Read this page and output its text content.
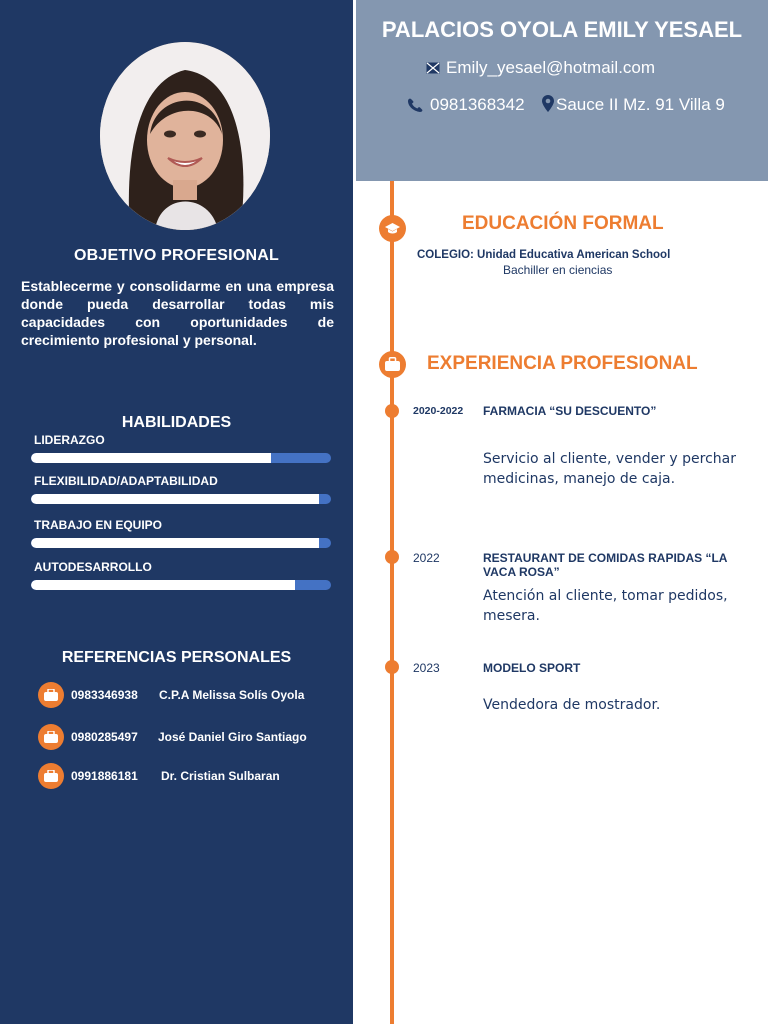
OBJETIVO PROFESIONAL
Establecerme y consolidarme en una empresa donde pueda desarrollar todas mis capacidades con oportunidades de crecimiento profesional y personal.
HABILIDADES
LIDERAZGO
FLEXIBILIDAD/ADAPTABILIDAD
TRABAJO EN EQUIPO
AUTODESARROLLO
REFERENCIAS PERSONALES
0983346938 C.P.A Melissa Solís Oyola
0980285497 José Daniel Giro Santiago
0991886181 Dr. Cristian Sulbaran
PALACIOS OYOLA EMILY YESAEL
Emily_yesael@hotmail.com
0981368342	Sauce II Mz. 91 Villa 9
EDUCACIÓN FORMAL
COLEGIO: Unidad Educativa American School
Bachiller en ciencias
EXPERIENCIA PROFESIONAL
2020-2022 FARMACIA “SU DESCUENTO”
Servicio al cliente, vender y perchar medicinas, manejo de caja.
2022	RESTAURANT DE COMIDAS RAPIDAS “LA VACA ROSA”
Atención al cliente, tomar pedidos, mesera.
2023	MODELO SPORT
Vendedora de mostrador.
